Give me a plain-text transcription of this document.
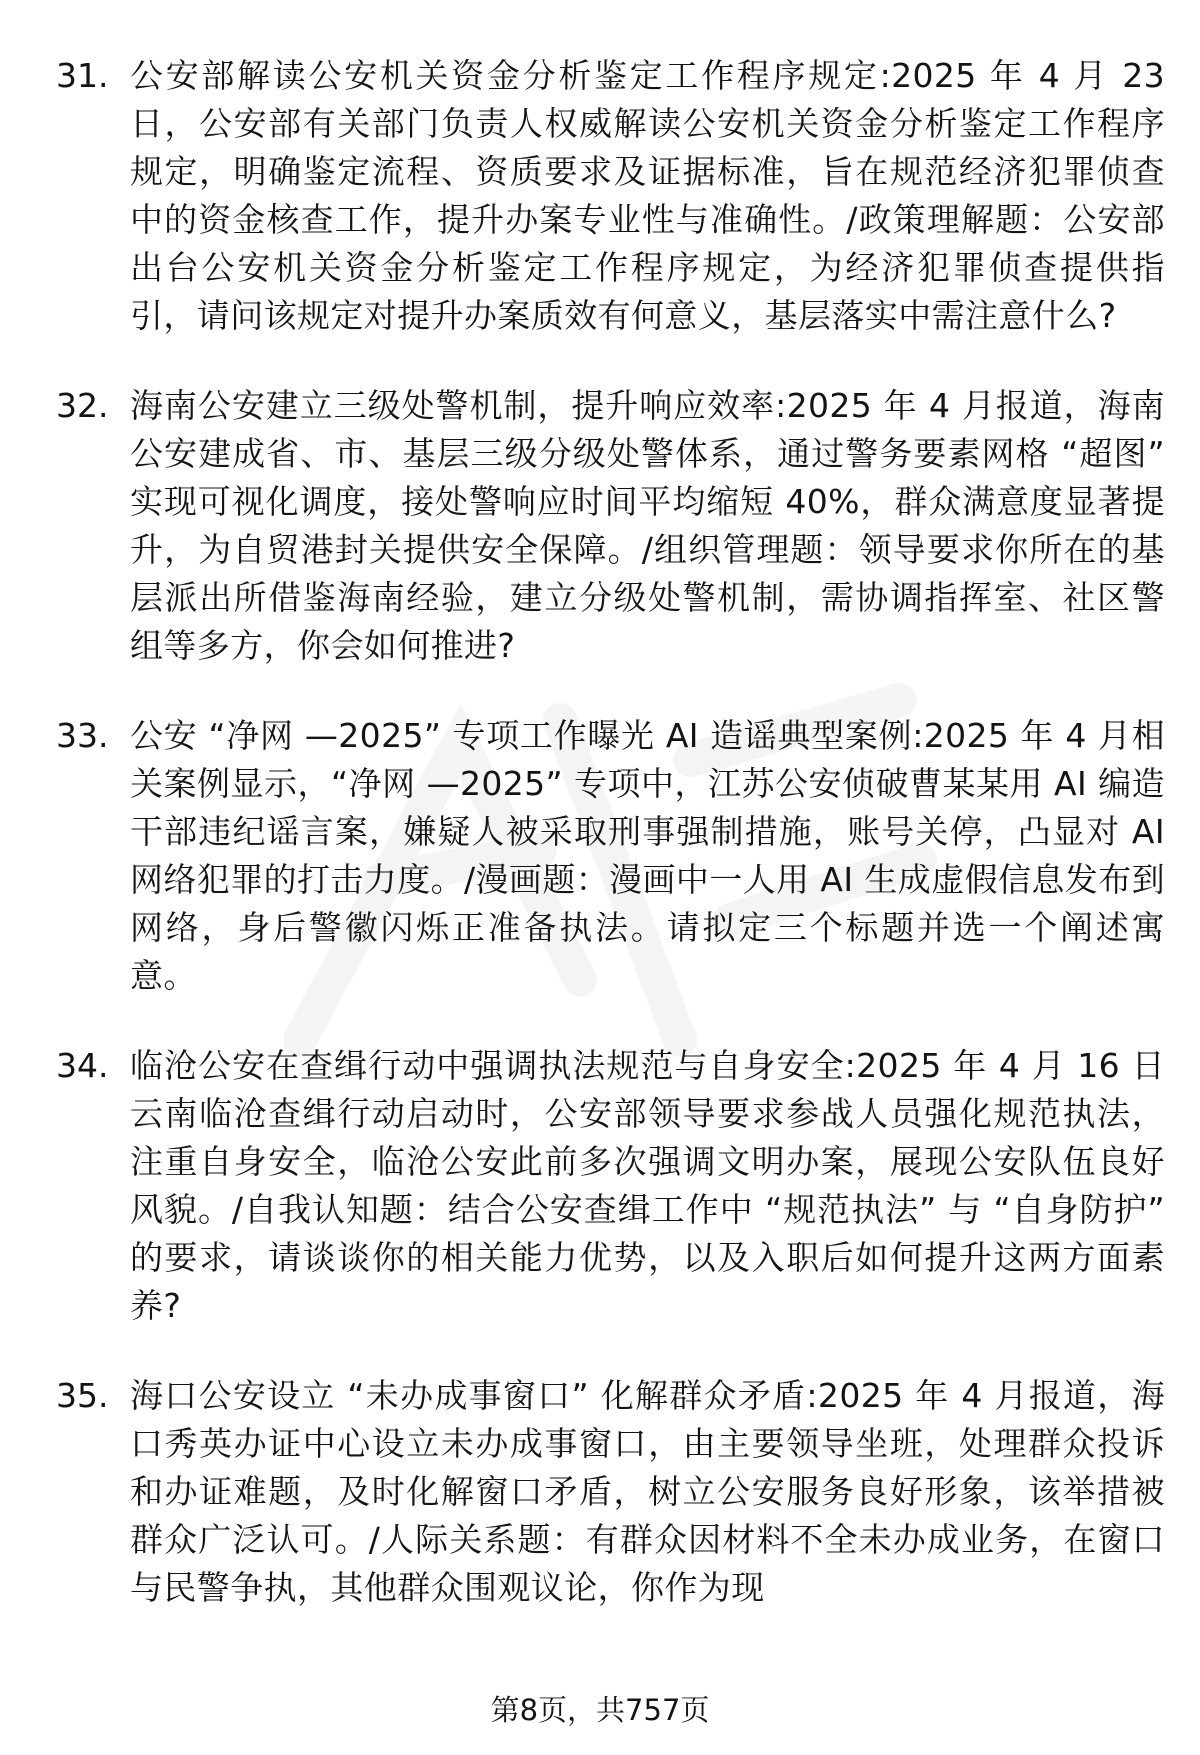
31. 公安部解读公安机关资金分析鉴定工作程序规定:2025 年 4 月 23 日，公安部有关部门负责人权威解读公安机关资金分析鉴定工作程序规定，明确鉴定流程、资质要求及证据标准，旨在规范经济犯罪侦查中的资金核查工作，提升办案专业性与准确性。/政策理解题：公安部出台公安机关资金分析鉴定工作程序规定，为经济犯罪侦查提供指引，请问该规定对提升办案质效有何意义，基层落实中需注意什么?

32. 海南公安建立三级处警机制，提升响应效率:2025 年 4 月报道，海南公安建成省、市、基层三级分级处警体系，通过警务要素网格 “超图” 实现可视化调度，接处警响应时间平均缩短 40%，群众满意度显著提升，为自贸港封关提供安全保障。/组织管理题：领导要求你所在的基层派出所借鉴海南经验，建立分级处警机制，需协调指挥室、社区警组等多方，你会如何推进?

33. 公安 “净网 —2025” 专项工作曝光 AI 造谣典型案例:2025 年 4 月相关案例显示，“净网 —2025” 专项中，江苏公安侦破曹某某用 AI 编造干部违纪谣言案，嫌疑人被采取刑事强制措施，账号关停，凸显对 AI 网络犯罪的打击力度。/漫画题：漫画中一人用 AI 生成虚假信息发布到网络，身后警徽闪烁正准备执法。请拟定三个标题并选一个阐述寓意。

34. 临沧公安在查缉行动中强调执法规范与自身安全:2025 年 4 月 16 日云南临沧查缉行动启动时，公安部领导要求参战人员强化规范执法，注重自身安全，临沧公安此前多次强调文明办案，展现公安队伍良好风貌。/自我认知题：结合公安查缉工作中 “规范执法” 与 “自身防护” 的要求，请谈谈你的相关能力优势，以及入职后如何提升这两方面素养?

35. 海口公安设立 “未办成事窗口” 化解群众矛盾:2025 年 4 月报道，海口秀英办证中心设立未办成事窗口，由主要领导坐班，处理群众投诉和办证难题，及时化解窗口矛盾，树立公安服务良好形象，该举措被群众广泛认可。/人际关系题：有群众因材料不全未办成业务，在窗口与民警争执，其他群众围观议论，你作为现

第8页，共757页
